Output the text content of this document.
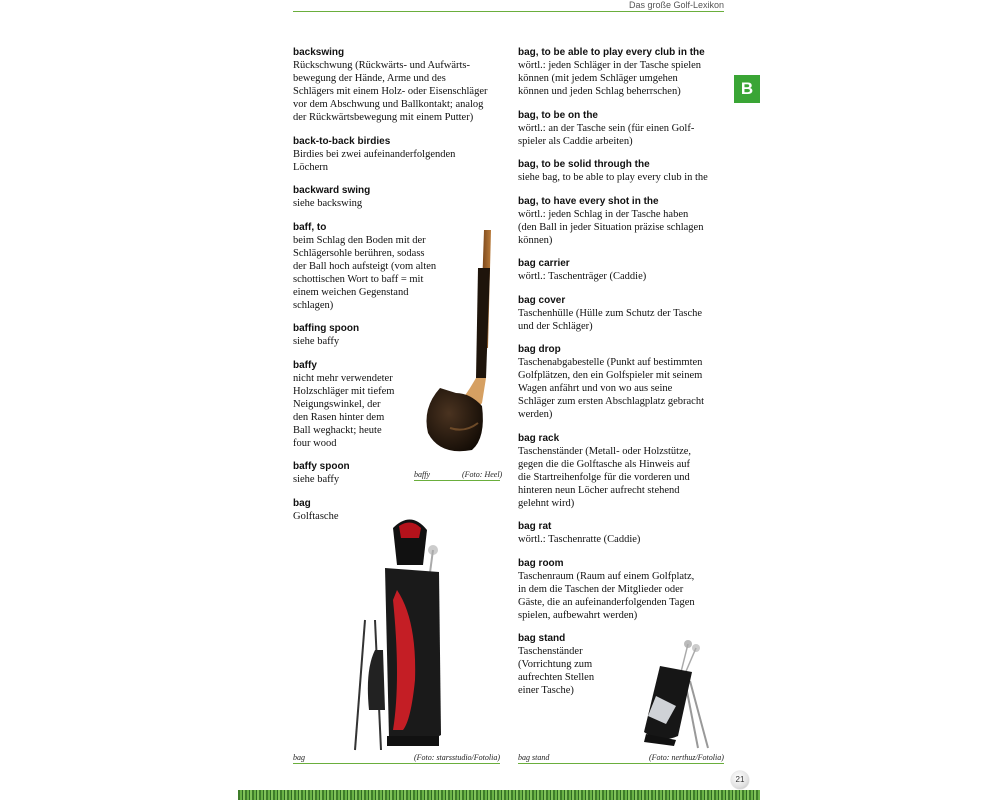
Das große Golf-Lexikon
B
backswing
Rückschwung (Rückwärts- und Aufwärts-
bewegung der Hände, Arme und des
Schlägers mit einem Holz- oder Eisenschläger
vor dem Abschwung und Ballkontakt; analog
der Rückwärtsbewegung mit einem Putter)
back-to-back birdies
Birdies bei zwei aufeinanderfolgenden
Löchern
backward swing
siehe backswing
baff, to
beim Schlag den Boden mit der
Schlägersohle berühren, sodass
der Ball hoch aufsteigt (vom alten
schottischen Wort to baff = mit
einem weichen Gegenstand
schlagen)
baffing spoon
siehe baffy
baffy
nicht mehr verwendeter
Holzschläger mit tiefem
Neigungswinkel, der
den Rasen hinter dem
Ball weghackt; heute
four wood
baffy spoon
siehe baffy
bag
Golftasche
bag, to be able to play every club in the
wörtl.: jeden Schläger in der Tasche spielen
können (mit jedem Schläger umgehen
können und jeden Schlag beherrschen)
bag, to be on the
wörtl.: an der Tasche sein (für einen Golf-
spieler als Caddie arbeiten)
bag, to be solid through the
siehe bag, to be able to play every club in the
bag, to have every shot in the
wörtl.: jeden Schlag in der Tasche haben
(den Ball in jeder Situation präzise schlagen
können)
bag carrier
wörtl.: Taschenträger (Caddie)
bag cover
Taschenhülle (Hülle zum Schutz der Tasche
und der Schläger)
bag drop
Taschenabgabestelle (Punkt auf bestimmten
Golfplätzen, den ein Golfspieler mit seinem
Wagen anfährt und von wo aus seine
Schläger zum ersten Abschlagplatz gebracht
werden)
bag rack
Taschenständer (Metall- oder Holzstütze,
gegen die die Golftasche als Hinweis auf
die Startreihenfolge für die vorderen und
hinteren neun Löcher aufrecht stehend
gelehnt wird)
bag rat
wörtl.: Taschenratte (Caddie)
bag room
Taschenraum (Raum auf einem Golfplatz,
in dem die Taschen der Mitglieder oder
Gäste, die an aufeinanderfolgenden Tagen
spielen, aufbewahrt werden)
bag stand
Taschenständer
(Vorrichtung zum
aufrechten Stellen
einer Tasche)
baffy	(Foto: Heel)
bag	(Foto: starsstudio/Fotolia) bag stand	(Foto: nerthuz/Fotolia)
21
